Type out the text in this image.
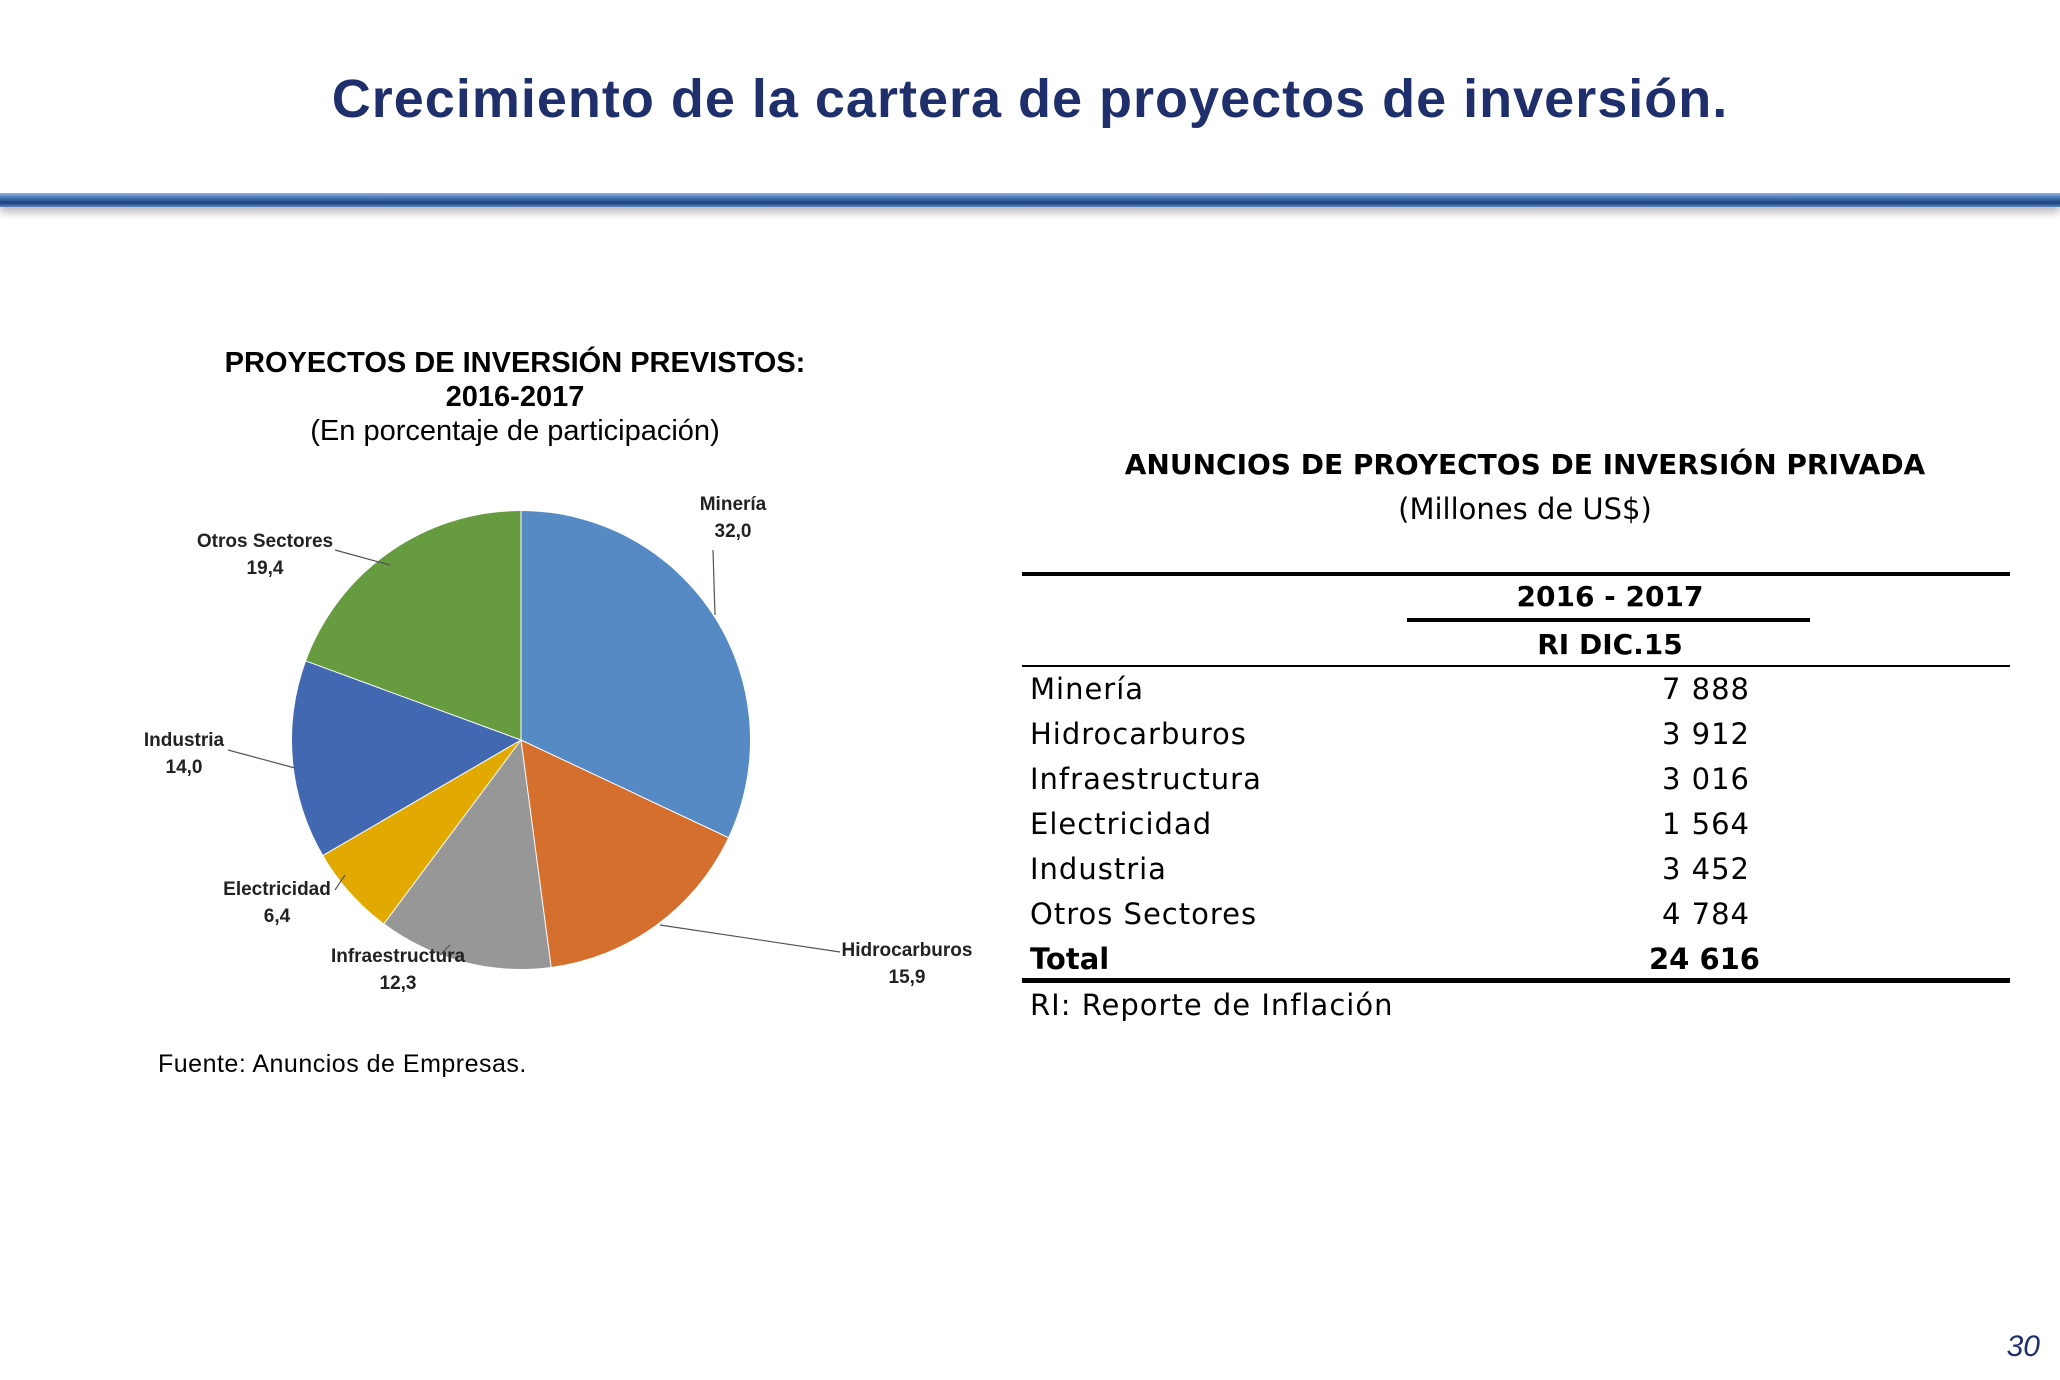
Crecimiento de la cartera de proyectos de inversión.
PROYECTOS DE INVERSIÓN PREVISTOS:
2016-2017
(En porcentaje de participación)
Minería
32,0
Hidrocarburos
15,9
Infraestructura
12,3
Electricidad
6,4
Industria
14,0
Otros Sectores
19,4
Fuente: Anuncios de Empresas.
ANUNCIOS DE PROYECTOS DE INVERSIÓN PRIVADA
(Millones de US$)
2016 - 2017
RI DIC.15
Minería	7 888
Hidrocarburos	3 912
Infraestructura	3 016
Electricidad	1 564
Industria	3 452
Otros Sectores	4 784
Total	24 616
RI: Reporte de Inflación
30
